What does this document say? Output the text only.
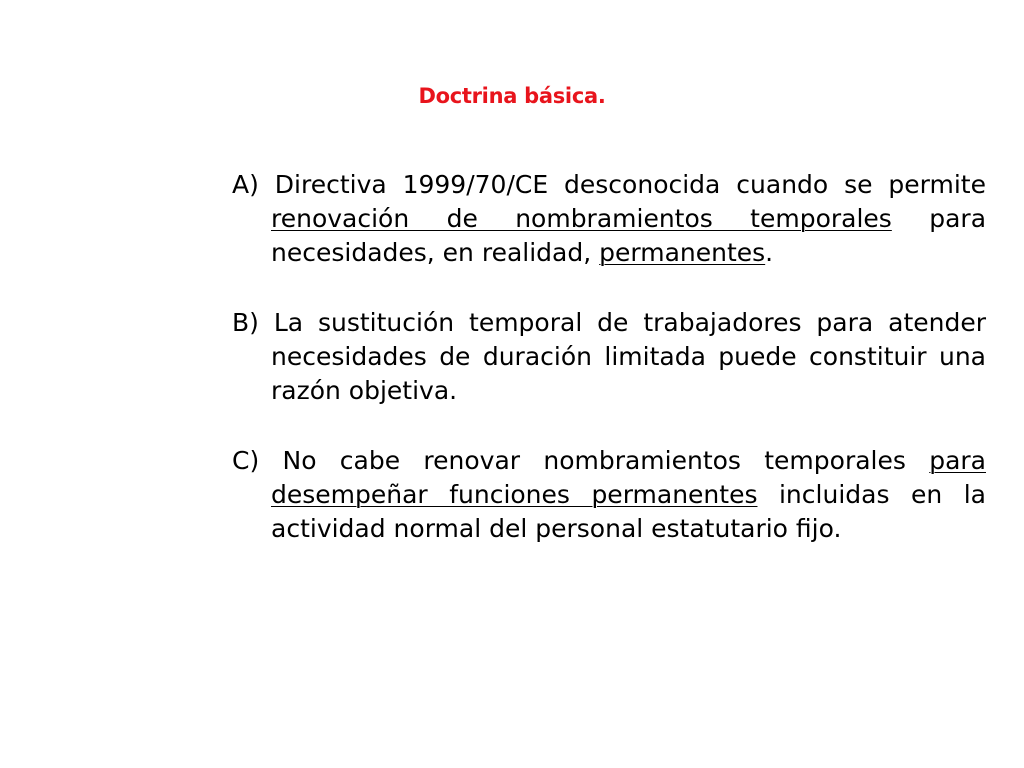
Doctrina básica.

A) Directiva 1999/70/CE desconocida cuando se permite renovación de nombramientos temporales para necesidades, en realidad, permanentes.

B) La sustitución temporal de trabajadores para atender necesidades de duración limitada puede constituir una razón objetiva.

C) No cabe renovar nombramientos temporales para desempeñar funciones permanentes incluidas en la actividad normal del personal estatutario fijo.
